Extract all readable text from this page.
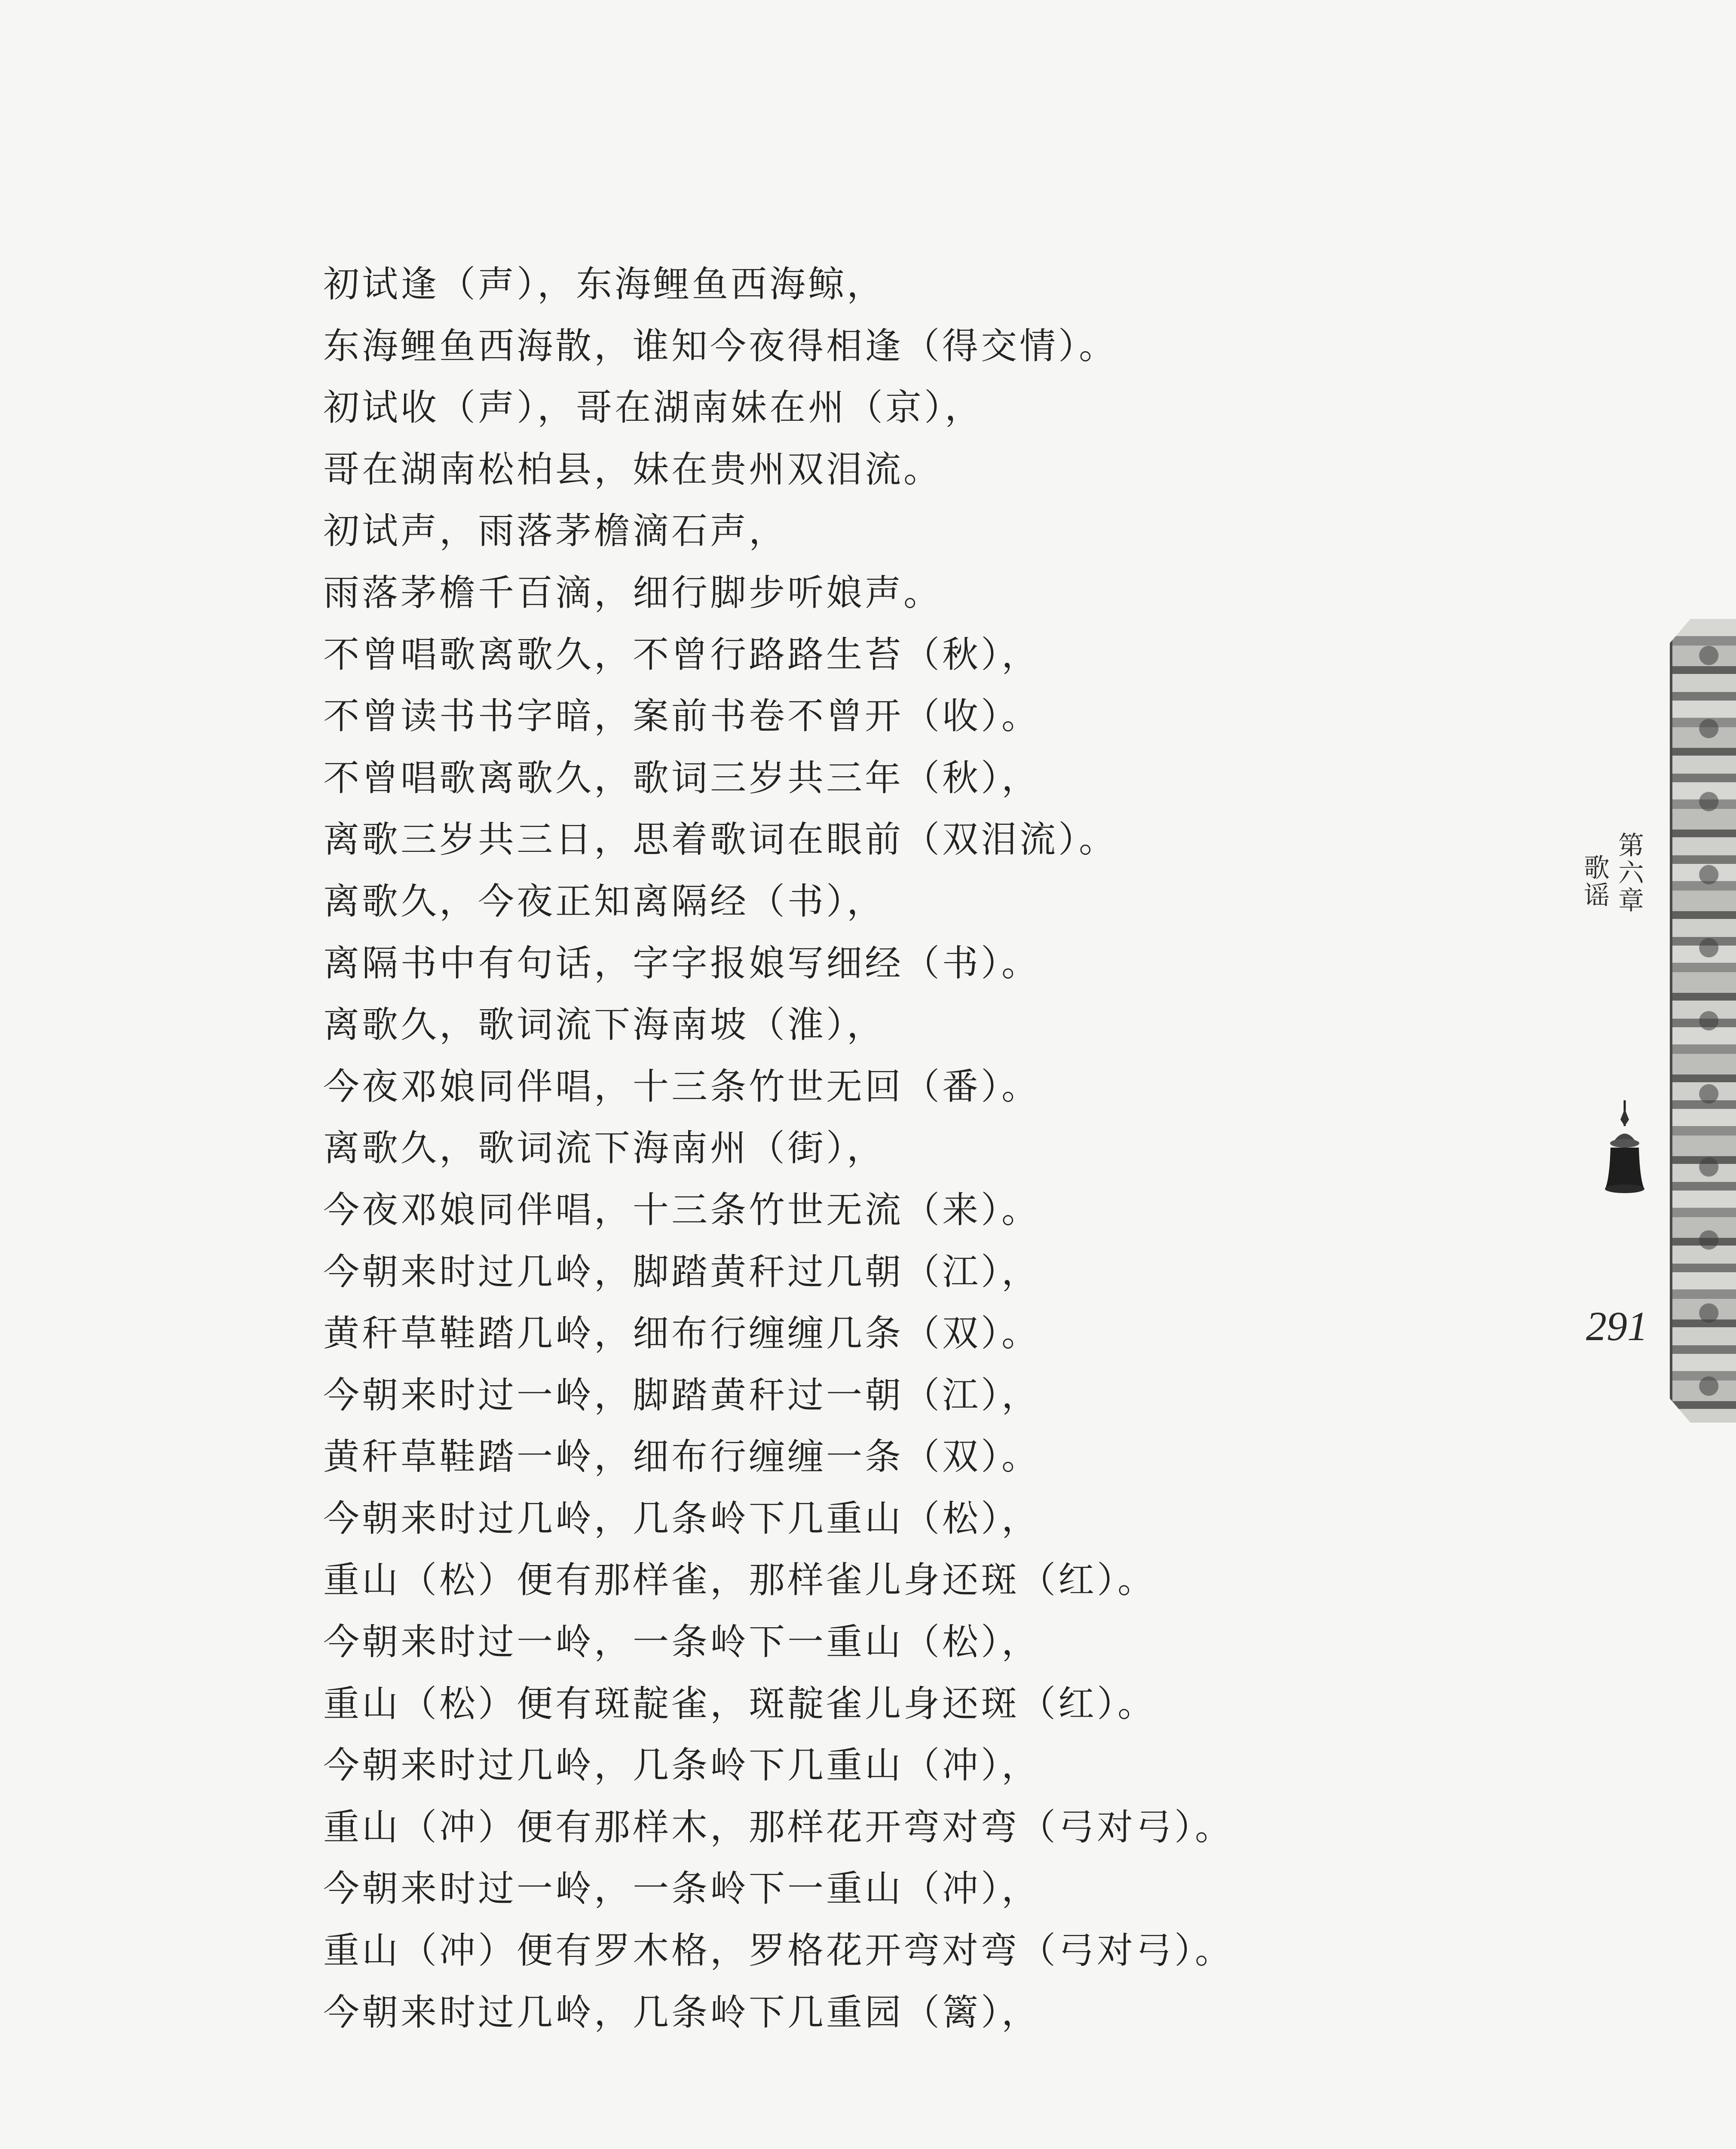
初试逢（声），东海鲤鱼西海鲸，
东海鲤鱼西海散，谁知今夜得相逢（得交情）。
初试收（声），哥在湖南妹在州（京），
哥在湖南松柏县，妹在贵州双泪流。
初试声，雨落茅檐滴石声，
雨落茅檐千百滴，细行脚步听娘声。
不曾唱歌离歌久，不曾行路路生苔（秋），
不曾读书书字暗，案前书卷不曾开（收）。
不曾唱歌离歌久，歌词三岁共三年（秋），
离歌三岁共三日，思着歌词在眼前（双泪流）。
离歌久，今夜正知离隔经（书），
离隔书中有句话，字字报娘写细经（书）。
离歌久，歌词流下海南坡（淮），
今夜邓娘同伴唱，十三条竹世无回（番）。
离歌久，歌词流下海南州（街），
今夜邓娘同伴唱，十三条竹世无流（来）。
今朝来时过几岭，脚踏黄秆过几朝（江），
黄秆草鞋踏几岭，细布行缠缠几条（双）。
今朝来时过一岭，脚踏黄秆过一朝（江），
黄秆草鞋踏一岭，细布行缠缠一条（双）。
今朝来时过几岭，几条岭下几重山（松），
重山（松）便有那样雀，那样雀儿身还斑（红）。
今朝来时过一岭，一条岭下一重山（松），
重山（松）便有斑靛雀，斑靛雀儿身还斑（红）。
今朝来时过几岭，几条岭下几重山（冲），
重山（冲）便有那样木，那样花开弯对弯（弓对弓）。
今朝来时过一岭，一条岭下一重山（冲），
重山（冲）便有罗木格，罗格花开弯对弯（弓对弓）。
今朝来时过几岭，几条岭下几重园（篱），
第六章
歌谣
291
